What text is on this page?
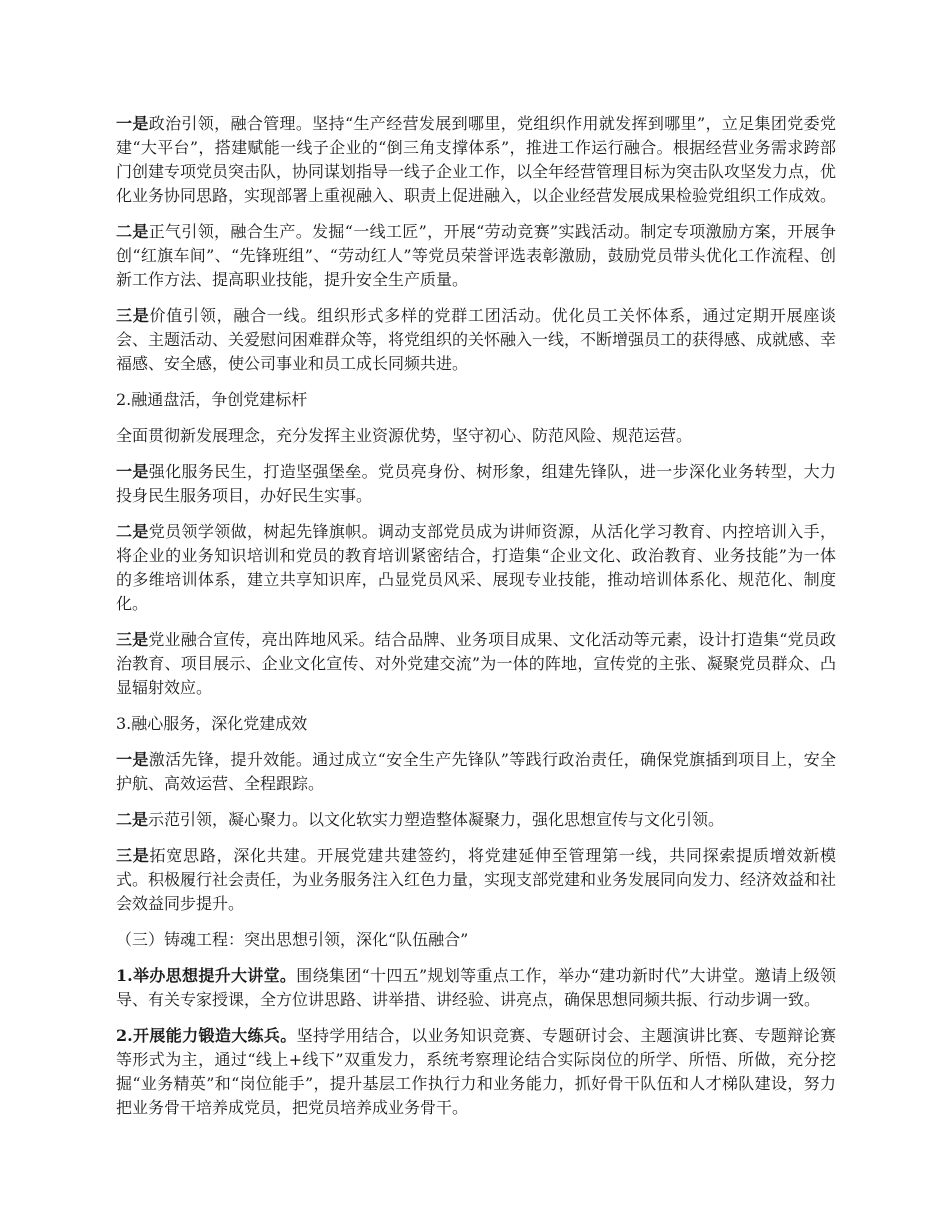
一是政治引领，融合管理。坚持“生产经营发展到哪里，党组织作用就发挥到哪里”，立足集团党委党建“大平台”，搭建赋能一线子企业的“倒三角支撑体系”，推进工作运行融合。根据经营业务需求跨部门创建专项党员突击队，协同谋划指导一线子企业工作，以全年经营管理目标为突击队攻坚发力点，优化业务协同思路，实现部署上重视融入、职责上促进融入，以企业经营发展成果检验党组织工作成效。

二是正气引领，融合生产。发掘“一线工匠”，开展“劳动竞赛”实践活动。制定专项激励方案，开展争创“红旗车间”、“先锋班组”、“劳动红人”等党员荣誉评选表彰激励，鼓励党员带头优化工作流程、创新工作方法、提高职业技能，提升安全生产质量。

三是价值引领，融合一线。组织形式多样的党群工团活动。优化员工关怀体系，通过定期开展座谈会、主题活动、关爱慰问困难群众等，将党组织的关怀融入一线，不断增强员工的获得感、成就感、幸福感、安全感，使公司事业和员工成长同频共进。

2.融通盘活，争创党建标杆

全面贯彻新发展理念，充分发挥主业资源优势，坚守初心、防范风险、规范运营。

一是强化服务民生，打造坚强堡垒。党员亮身份、树形象，组建先锋队，进一步深化业务转型，大力投身民生服务项目，办好民生实事。

二是党员领学领做，树起先锋旗帜。调动支部党员成为讲师资源，从活化学习教育、内控培训入手，将企业的业务知识培训和党员的教育培训紧密结合，打造集“企业文化、政治教育、业务技能”为一体的多维培训体系，建立共享知识库，凸显党员风采、展现专业技能，推动培训体系化、规范化、制度化。

三是党业融合宣传，亮出阵地风采。结合品牌、业务项目成果、文化活动等元素，设计打造集“党员政治教育、项目展示、企业文化宣传、对外党建交流”为一体的阵地，宣传党的主张、凝聚党员群众、凸显辐射效应。

3.融心服务，深化党建成效

一是激活先锋，提升效能。通过成立“安全生产先锋队”等践行政治责任，确保党旗插到项目上，安全护航、高效运营、全程跟踪。

二是示范引领，凝心聚力。以文化软实力塑造整体凝聚力，强化思想宣传与文化引领。

三是拓宽思路，深化共建。开展党建共建签约，将党建延伸至管理第一线，共同探索提质增效新模式。积极履行社会责任，为业务服务注入红色力量，实现支部党建和业务发展同向发力、经济效益和社会效益同步提升。

（三）铸魂工程：突出思想引领，深化“队伍融合”

1.举办思想提升大讲堂。围绕集团“十四五”规划等重点工作，举办“建功新时代”大讲堂。邀请上级领导、有关专家授课，全方位讲思路、讲举措、讲经验、讲亮点，确保思想同频共振、行动步调一致。

2.开展能力锻造大练兵。坚持学用结合，以业务知识竞赛、专题研讨会、主题演讲比赛、专题辩论赛等形式为主，通过“线上+线下”双重发力，系统考察理论结合实际岗位的所学、所悟、所做，充分挖掘“业务精英”和“岗位能手”，提升基层工作执行力和业务能力，抓好骨干队伍和人才梯队建设，努力把业务骨干培养成党员，把党员培养成业务骨干。
